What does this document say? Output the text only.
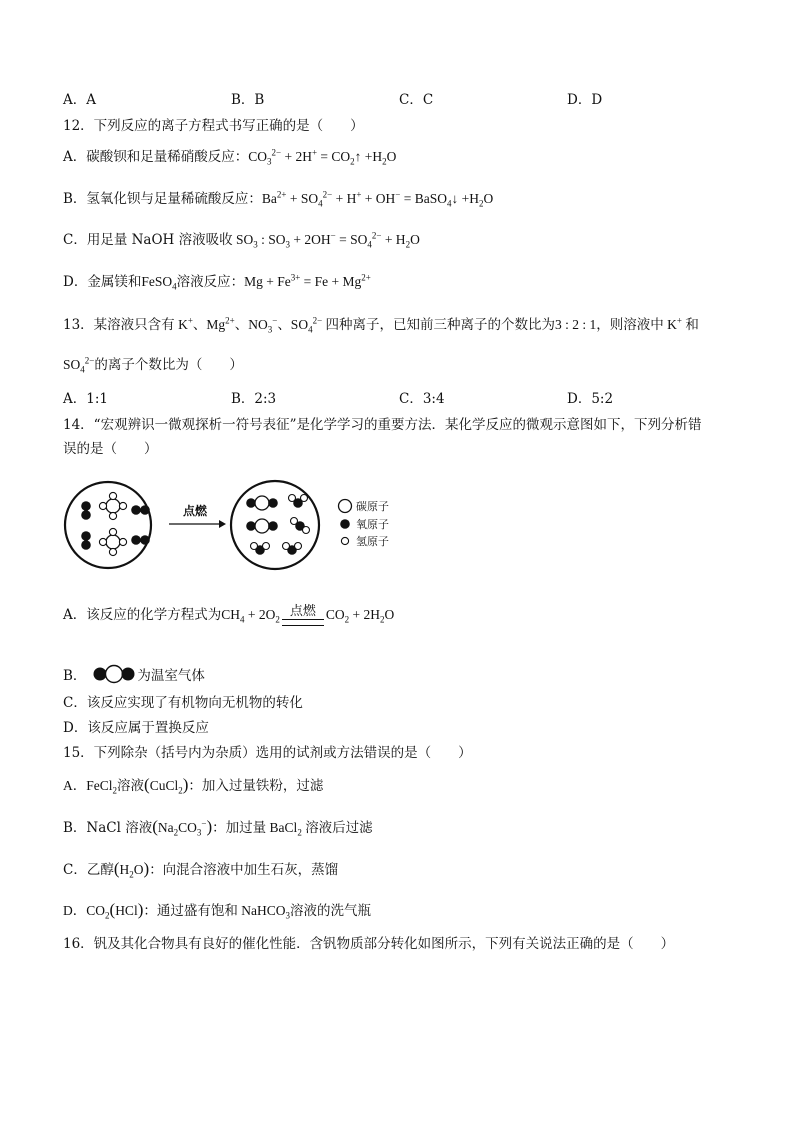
A．A	B．B	C．C	D．D
12．下列反应的离子方程式书写正确的是（　　）
A．碳酸钡和足量稀硝酸反应：$CO_3^{2-} + 2H^+$ = $CO_2↑ +H_2O$
B．氢氧化钡与足量稀硫酸反应：$Ba^{2+} + SO_4^{2-} + H^+ + OH^-$ = BaSO$_4$↓ $+H_2O$
C．用足量 NaOH 溶液吸收 $SO_3$ : $SO_3 + 2OH^- = SO_4^{2-} + H_2O$
D．金属镁和FeSO$_4$溶液反应：$Mg + Fe^{3+} = Fe + Mg^{2+}$
13．某溶液只含有 K+、$Mg^{2+}$、$NO_3^-$、$SO_4^{2-}$ 四种离子，已知前三种离子的个数比为3 : 2 : 1，则溶液中 K+ 和
$SO_4^{2-}$的离子个数比为（　　）
A．1:1	B．2:3	C．3:4	D．5:2
14．“宏观辨识一微观探析一符号表征”是化学学习的重要方法．某化学反应的微观示意图如下，下列分析错
误的是（　　）
点燃	碳原子
氧原子
氢原子
A．该反应的化学方程式为$CH_4 + 2O_2$
点燃 $CO_2 + 2H_2O$
B．	为温室气体
C．该反应实现了有机物向无机物的转化
D．该反应属于置换反应
15．下列除杂（括号内为杂质）选用的试剂或方法错误的是（　　）
A．FeCl$_2$溶液(CuCl$_2$)：加入过量铁粉，过滤
B．NaCl 溶液$(Na_2CO_3^-)$：加过量 BaCl$_2$ 溶液后过滤
C．乙醇$(H_2O)$：向混合溶液中加生石灰，蒸馏
D．$CO_2(HCl)$：通过盛有饱和 NaHCO$_3$溶液的洗气瓶
16．钒及其化合物具有良好的催化性能．含钒物质部分转化如图所示，下列有关说法正确的是（　　）
